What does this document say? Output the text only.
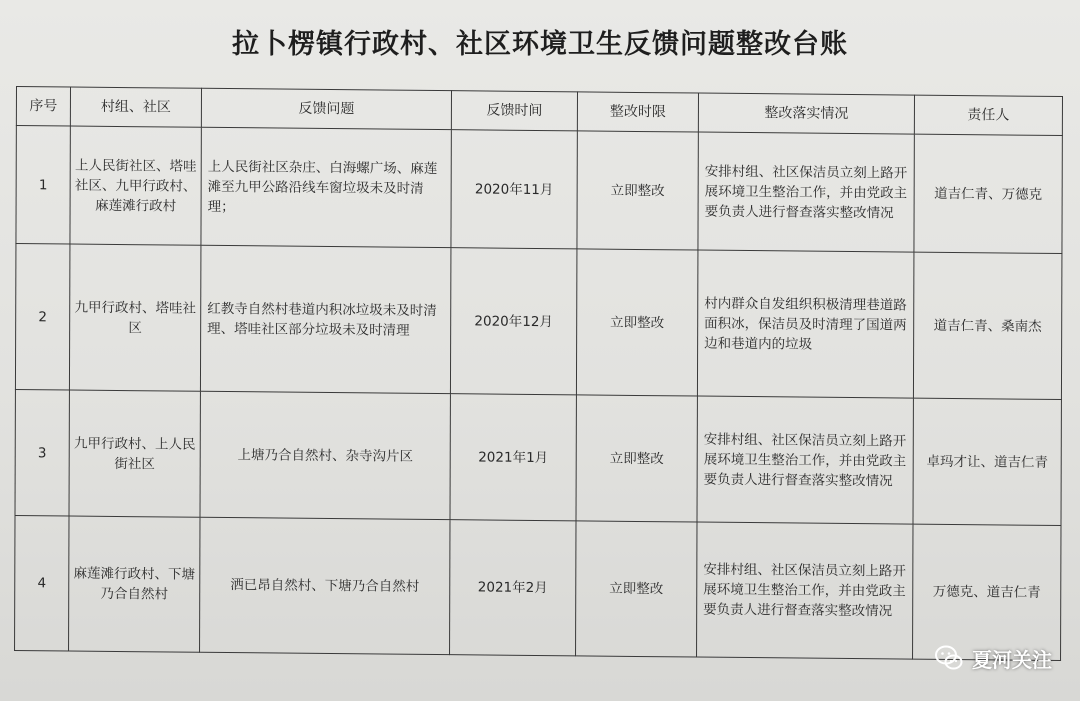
拉卜楞镇行政村、社区环境卫生反馈问题整改台账
序号	村组、社区	反馈问题	反馈时间	整改时限	整改落实情况	责任人
1	上人民街社区、塔哇社区、九甲行政村、麻莲滩行政村	上人民街社区杂庄、白海螺广场、麻莲滩至九甲公路沿线车窗垃圾未及时清理；	2020年11月	立即整改	安排村组、社区保洁员立刻上路开展环境卫生整治工作，并由党政主要负责人进行督查落实整改情况	道吉仁青、万德克
2	九甲行政村、塔哇社区	红教寺自然村巷道内积冰垃圾未及时清理、塔哇社区部分垃圾未及时清理	2020年12月	立即整改	村内群众自发组织积极清理巷道路面积冰，保洁员及时清理了国道两边和巷道内的垃圾	道吉仁青、桑南杰
3	九甲行政村、上人民街社区	上塘乃合自然村、杂寺沟片区	2021年1月	立即整改	安排村组、社区保洁员立刻上路开展环境卫生整治工作，并由党政主要负责人进行督查落实整改情况	卓玛才让、道吉仁青
4	麻莲滩行政村、下塘乃合自然村	洒已昂自然村、下塘乃合自然村	2021年2月	立即整改	安排村组、社区保洁员立刻上路开展环境卫生整治工作，并由党政主要负责人进行督查落实整改情况	万德克、道吉仁青
夏河关注
